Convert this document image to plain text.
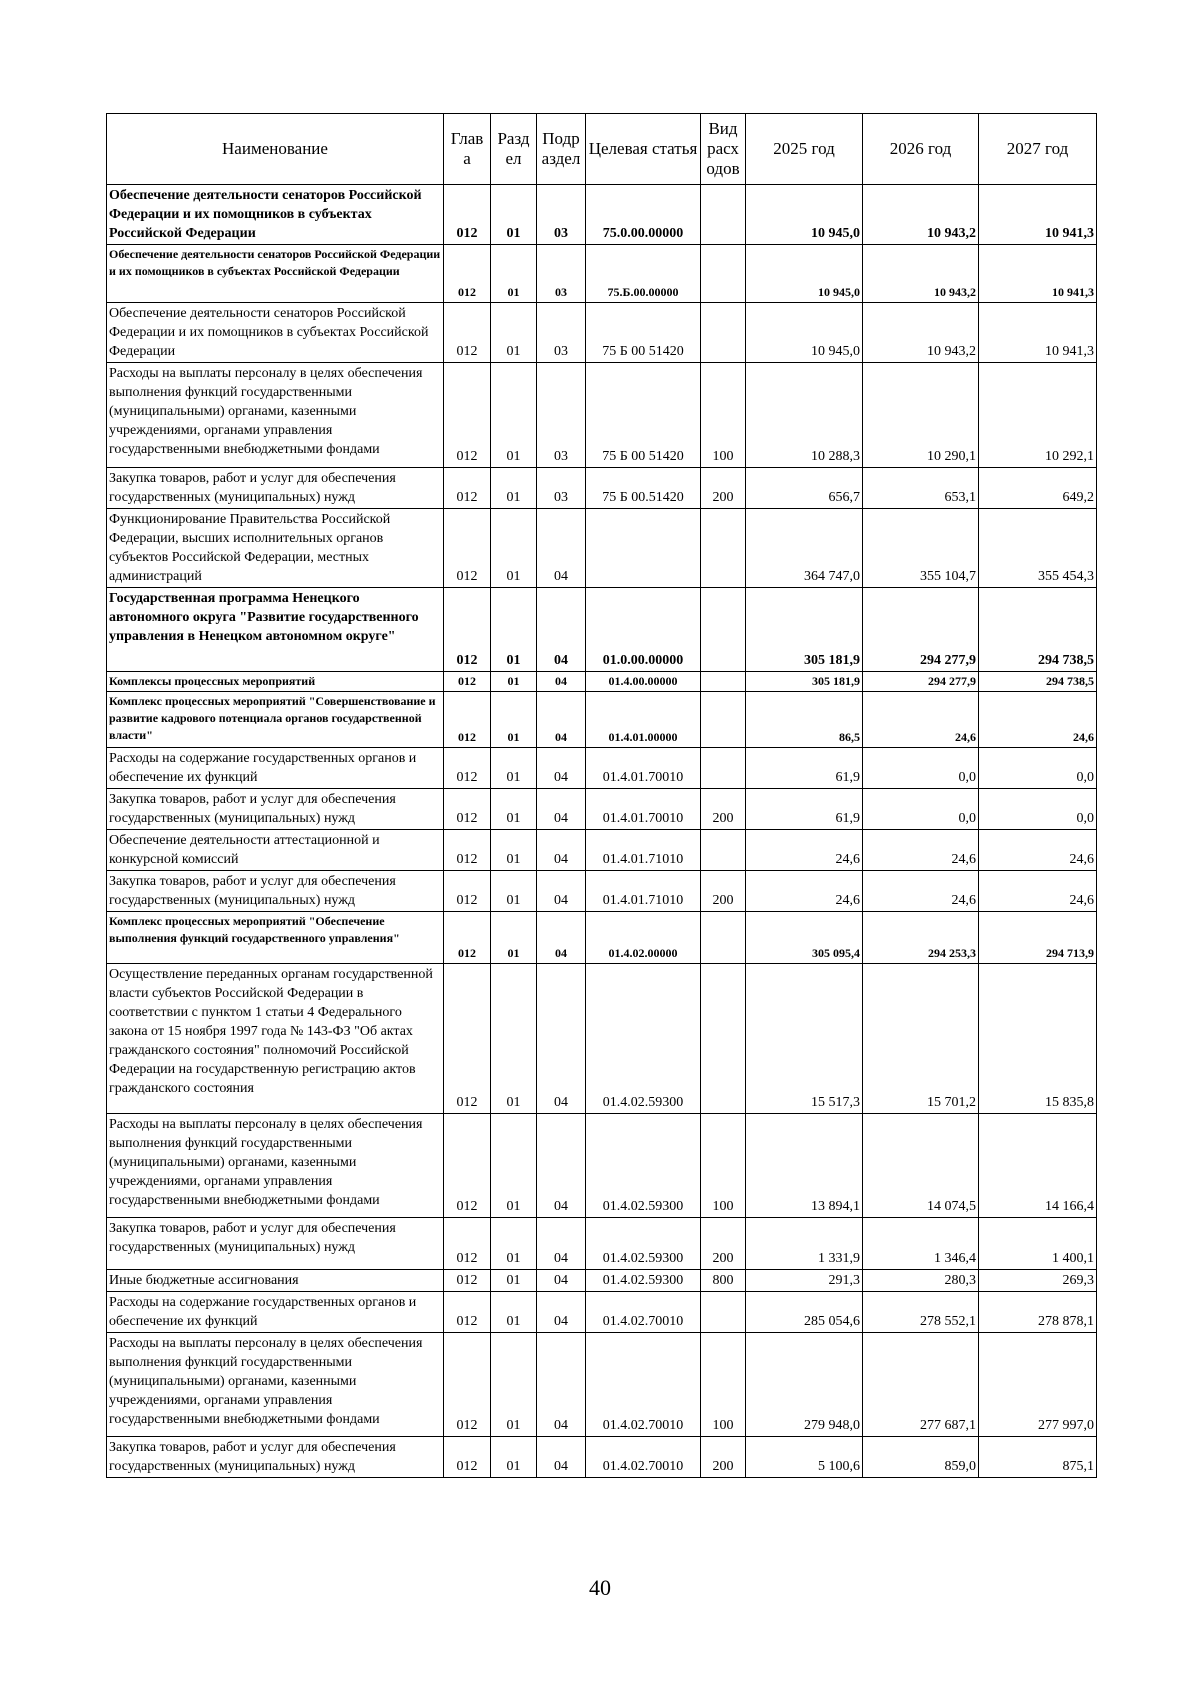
Наименование	Глав а	Разд ел	Подр аздел	Целевая статья	Вид расх одов	2025 год	2026 год	2027 год
Обеспечение деятельности сенаторов Российской Федерации и их помощников в субъектах Российской Федерации	012	01	03	75.0.00.00000		10 945,0	10 943,2	10 941,3
Обеспечение деятельности сенаторов Российской Федерации и их помощников в субъектах Российской Федерации	012	01	03	75.Б.00.00000		10 945,0	10 943,2	10 941,3
Обеспечение деятельности сенаторов Российской Федерации и их помощников в субъектах Российской Федерации	012	01	03	75 Б 00 51420		10 945,0	10 943,2	10 941,3
Расходы на выплаты персоналу в целях обеспечения выполнения функций государственными (муниципальными) органами, казенными учреждениями, органами управления государственными внебюджетными фондами	012	01	03	75 Б 00 51420	100	10 288,3	10 290,1	10 292,1
Закупка товаров, работ и услуг для обеспечения государственных (муниципальных) нужд	012	01	03	75 Б 00.51420	200	656,7	653,1	649,2
Функционирование Правительства Российской Федерации, высших исполнительных органов субъектов Российской Федерации, местных администраций	012	01	04			364 747,0	355 104,7	355 454,3
Государственная программа Ненецкого автономного округа "Развитие государственного управления в Ненецком автономном округе"	012	01	04	01.0.00.00000		305 181,9	294 277,9	294 738,5
Комплексы процессных мероприятий	012	01	04	01.4.00.00000		305 181,9	294 277,9	294 738,5
Комплекс процессных мероприятий "Совершенствование и развитие кадрового потенциала органов государственной власти"	012	01	04	01.4.01.00000		86,5	24,6	24,6
Расходы на содержание государственных органов и обеспечение их функций	012	01	04	01.4.01.70010		61,9	0,0	0,0
Закупка товаров, работ и услуг для обеспечения государственных (муниципальных) нужд	012	01	04	01.4.01.70010	200	61,9	0,0	0,0
Обеспечение деятельности аттестационной и конкурсной комиссий	012	01	04	01.4.01.71010		24,6	24,6	24,6
Закупка товаров, работ и услуг для обеспечения государственных (муниципальных) нужд	012	01	04	01.4.01.71010	200	24,6	24,6	24,6
Комплекс процессных мероприятий "Обеспечение выполнения функций государственного управления"	012	01	04	01.4.02.00000		305 095,4	294 253,3	294 713,9
Осуществление переданных органам государственной власти субъектов Российской Федерации в соответствии с пунктом 1 статьи 4 Федерального закона от 15 ноября 1997 года № 143-ФЗ "Об актах гражданского состояния" полномочий Российской Федерации на государственную регистрацию актов гражданского состояния	012	01	04	01.4.02.59300		15 517,3	15 701,2	15 835,8
Расходы на выплаты персоналу в целях обеспечения выполнения функций государственными (муниципальными) органами, казенными учреждениями, органами управления государственными внебюджетными фондами	012	01	04	01.4.02.59300	100	13 894,1	14 074,5	14 166,4
Закупка товаров, работ и услуг для обеспечения государственных (муниципальных) нужд	012	01	04	01.4.02.59300	200	1 331,9	1 346,4	1 400,1
Иные бюджетные ассигнования	012	01	04	01.4.02.59300	800	291,3	280,3	269,3
Расходы на содержание государственных органов и обеспечение их функций	012	01	04	01.4.02.70010		285 054,6	278 552,1	278 878,1
Расходы на выплаты персоналу в целях обеспечения выполнения функций государственными (муниципальными) органами, казенными учреждениями, органами управления государственными внебюджетными фондами	012	01	04	01.4.02.70010	100	279 948,0	277 687,1	277 997,0
Закупка товаров, работ и услуг для обеспечения государственных (муниципальных) нужд	012	01	04	01.4.02.70010	200	5 100,6	859,0	875,1
40
